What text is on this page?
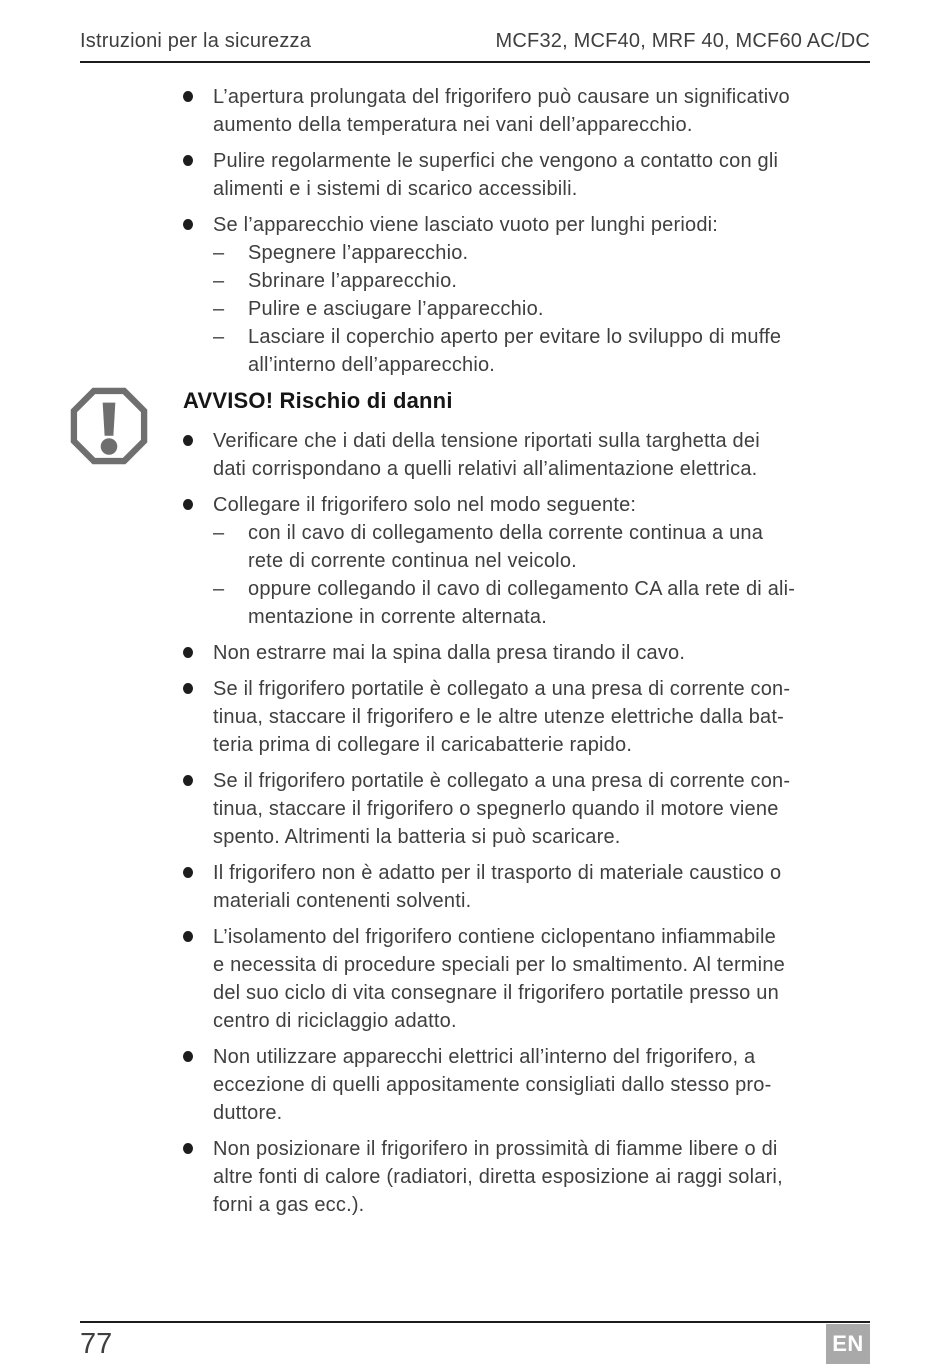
Istruzioni per la sicurezza	MCF32, MCF40, MRF 40, MCF60 AC/DC
L’apertura prolungata del frigorifero può causare un significativo
aumento della temperatura nei vani dell’apparecchio.
Pulire regolarmente le superfici che vengono a contatto con gli
alimenti e i sistemi di scarico accessibili.
Se l’apparecchio viene lasciato vuoto per lunghi periodi:
–	Spegnere l’apparecchio.
–	Sbrinare l’apparecchio.
–	Pulire e asciugare l’apparecchio.
–	Lasciare il coperchio aperto per evitare lo sviluppo di muffe
all’interno dell’apparecchio.
AVVISO! Rischio di danni
Verificare che i dati della tensione riportati sulla targhetta dei
dati corrispondano a quelli relativi all’alimentazione elettrica.
Collegare il frigorifero solo nel modo seguente:
–	con il cavo di collegamento della corrente continua a una
rete di corrente continua nel veicolo.
–	oppure collegando il cavo di collegamento CA alla rete di ali-
mentazione in corrente alternata.
Non estrarre mai la spina dalla presa tirando il cavo.
Se il frigorifero portatile è collegato a una presa di corrente con-
tinua, staccare il frigorifero e le altre utenze elettriche dalla bat-
teria prima di collegare il caricabatterie rapido.
Se il frigorifero portatile è collegato a una presa di corrente con-
tinua, staccare il frigorifero o spegnerlo quando il motore viene
spento. Altrimenti la batteria si può scaricare.
Il frigorifero non è adatto per il trasporto di materiale caustico o
materiali contenenti solventi.
L’isolamento del frigorifero contiene ciclopentano infiammabile
e necessita di procedure speciali per lo smaltimento. Al termine
del suo ciclo di vita consegnare il frigorifero portatile presso un
centro di riciclaggio adatto.
Non utilizzare apparecchi elettrici all’interno del frigorifero, a
eccezione di quelli appositamente consigliati dallo stesso pro-
duttore.
Non posizionare il frigorifero in prossimità di fiamme libere o di
altre fonti di calore (radiatori, diretta esposizione ai raggi solari,
forni a gas ecc.).
77	EN
